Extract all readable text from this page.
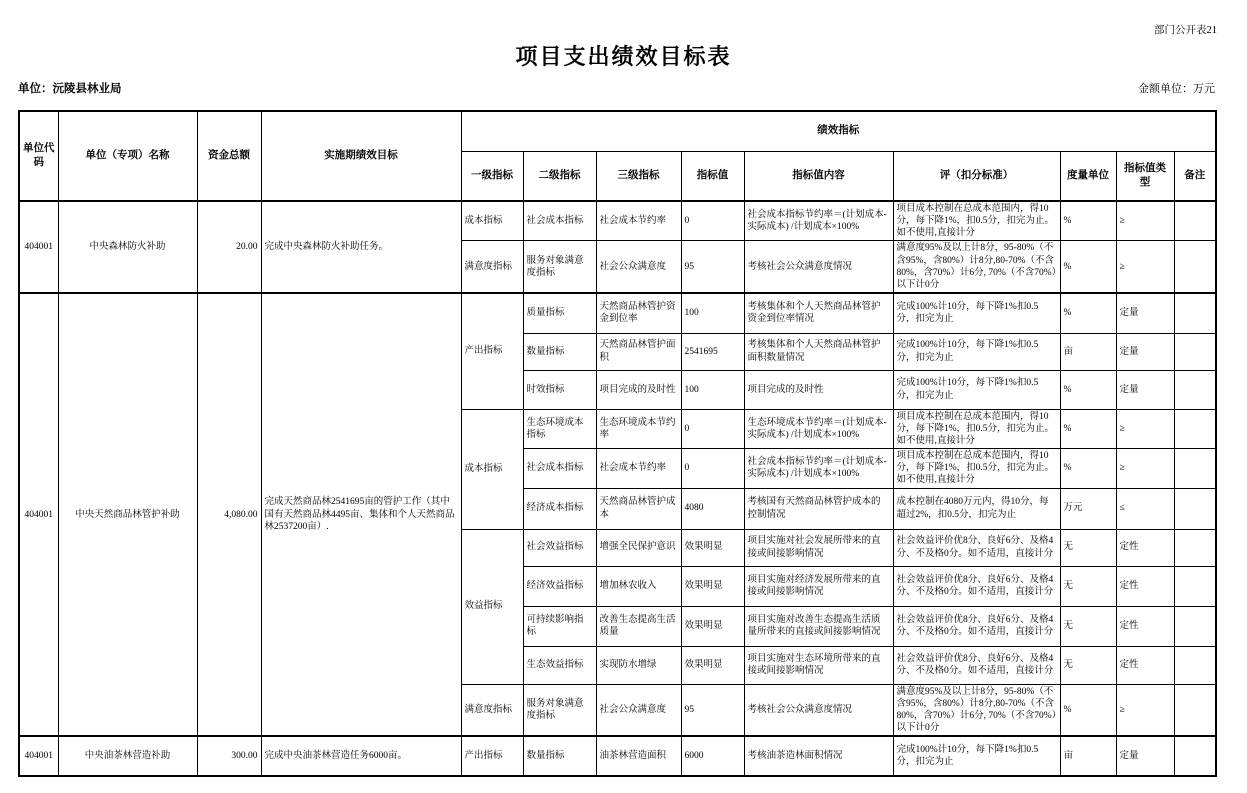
部门公开表21
项目支出绩效目标表
单位：沅陵县林业局	金额单位：万元
单位代码	单位（专项）名称	资金总额	实施期绩效目标	绩效指标								
				一级指标	二级指标	三级指标	指标值	指标值内容	评（扣分标准）	度量单位	指标值类型	备注
404001	中央森林防火补助	20.00	完成中央森林防火补助任务。	成本指标	社会成本指标	社会成本节约率	0	社会成本指标节约率＝(计划成本-实际成本) /计划成本×100%	项目成本控制在总成本范围内，得10分，每下降1%，扣0.5分，扣完为止。如不使用,直接计分	%	≥	
				满意度指标	服务对象满意度指标	社会公众满意度	95	考核社会公众满意度情况	满意度95%及以上计8分，95-80%（不含95%，含80%）计8分,80-70%（不含80%，含70%）计6分, 70%（不含70%）以下计0分	%	≥	
404001	中央天然商品林管护补助	4,080.00	完成天然商品林2541695亩的管护工作（其中国有天然商品林4495亩、集体和个人天然商品林2537200亩）.	产出指标	质量指标	天然商品林管护资金到位率	100	考核集体和个人天然商品林管护资金到位率情况	完成100%计10分，每下降1%扣0.5分，扣完为止	%	定量	
					数量指标	天然商品林管护面积	2541695	考核集体和个人天然商品林管护面积数量情况	完成100%计10分，每下降1%扣0.5分，扣完为止	亩	定量	
					时效指标	项目完成的及时性	100	项目完成的及时性	完成100%计10分，每下降1%扣0.5分，扣完为止	%	定量	
				成本指标	生态环境成本指标	生态环境成本节约率	0	生态环境成本节约率＝(计划成本-实际成本) /计划成本×100%	项目成本控制在总成本范围内，得10分，每下降1%，扣0.5分，扣完为止。如不使用,直接计分	%	≥	
					社会成本指标	社会成本节约率	0	社会成本指标节约率＝(计划成本-实际成本) /计划成本×100%	项目成本控制在总成本范围内，得10分，每下降1%，扣0.5分，扣完为止。如不使用,直接计分	%	≥	
					经济成本指标	天然商品林管护成本	4080	考核国有天然商品林管护成本的控制情况	成本控制在4080万元内，得10分，每超过2%，扣0.5分，扣完为止	万元	≤	
				效益指标	社会效益指标	增强全民保护意识	效果明显	项目实施对社会发展所带来的直接或间接影响情况	社会效益评价优8分、良好6分、及格4分、不及格0分。如不适用，直接计分	无	定性	
					经济效益指标	增加林农收入	效果明显	项目实施对经济发展所带来的直接或间接影响情况	社会效益评价优8分、良好6分、及格4分、不及格0分。如不适用，直接计分	无	定性	
					可持续影响指标	改善生态提高生活质量	效果明显	项目实施对改善生态提高生活质量所带来的直接或间接影响情况	社会效益评价优8分、良好6分、及格4分、不及格0分。如不适用，直接计分	无	定性	
					生态效益指标	实现防水增绿	效果明显	项目实施对生态环境所带来的直接或间接影响情况	社会效益评价优8分、良好6分、及格4分、不及格0分。如不适用，直接计分	无	定性	
				满意度指标	服务对象满意度指标	社会公众满意度	95	考核社会公众满意度情况	满意度95%及以上计8分，95-80%（不含95%，含80%）计8分,80-70%（不含80%，含70%）计6分, 70%（不含70%）以下计0分	%	≥	
404001	中央油茶林营造补助	300.00	完成中央油茶林营造任务6000亩。	产出指标	数量指标	油茶林营造面积	6000	考核油茶造林面积情况	完成100%计10分，每下降1%扣0.5分，扣完为止	亩	定量	
